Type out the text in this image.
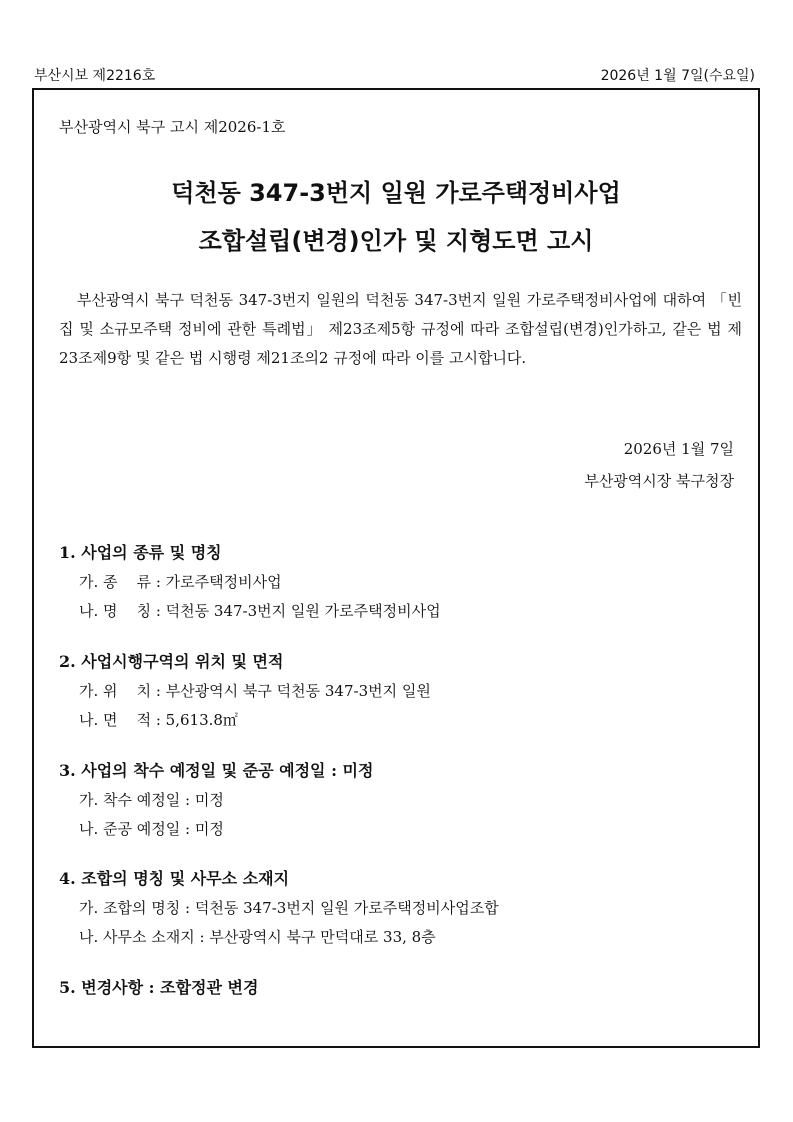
부산시보 제2216호	2026년 1월 7일(수요일)
부산광역시 북구 고시 제2026-1호
덕천동 347-3번지 일원 가로주택정비사업
조합설립(변경)인가 및 지형도면 고시
부산광역시 북구 덕천동 347-3번지 일원의 덕천동 347-3번지 일원 가로주택정비사업에 대하여 「빈집 및 소규모주택 정비에 관한 특례법」 제23조제5항 규정에 따라 조합설립(변경)인가하고, 같은 법 제23조제9항 및 같은 법 시행령 제21조의2 규정에 따라 이를 고시합니다.
2026년 1월 7일
부산광역시장 북구청장
1. 사업의 종류 및 명칭
가. 종    류 : 가로주택정비사업
나. 명    칭 : 덕천동 347-3번지 일원 가로주택정비사업
2. 사업시행구역의 위치 및 면적
가. 위    치 : 부산광역시 북구 덕천동 347-3번지 일원
나. 면    적 : 5,613.8㎡
3. 사업의 착수 예정일 및 준공 예정일 : 미정
가. 착수 예정일 : 미정
나. 준공 예정일 : 미정
4. 조합의 명칭 및 사무소 소재지
가. 조합의 명칭 : 덕천동 347-3번지 일원 가로주택정비사업조합
나. 사무소 소재지 : 부산광역시 북구 만덕대로 33, 8층
5. 변경사항 : 조합정관 변경
